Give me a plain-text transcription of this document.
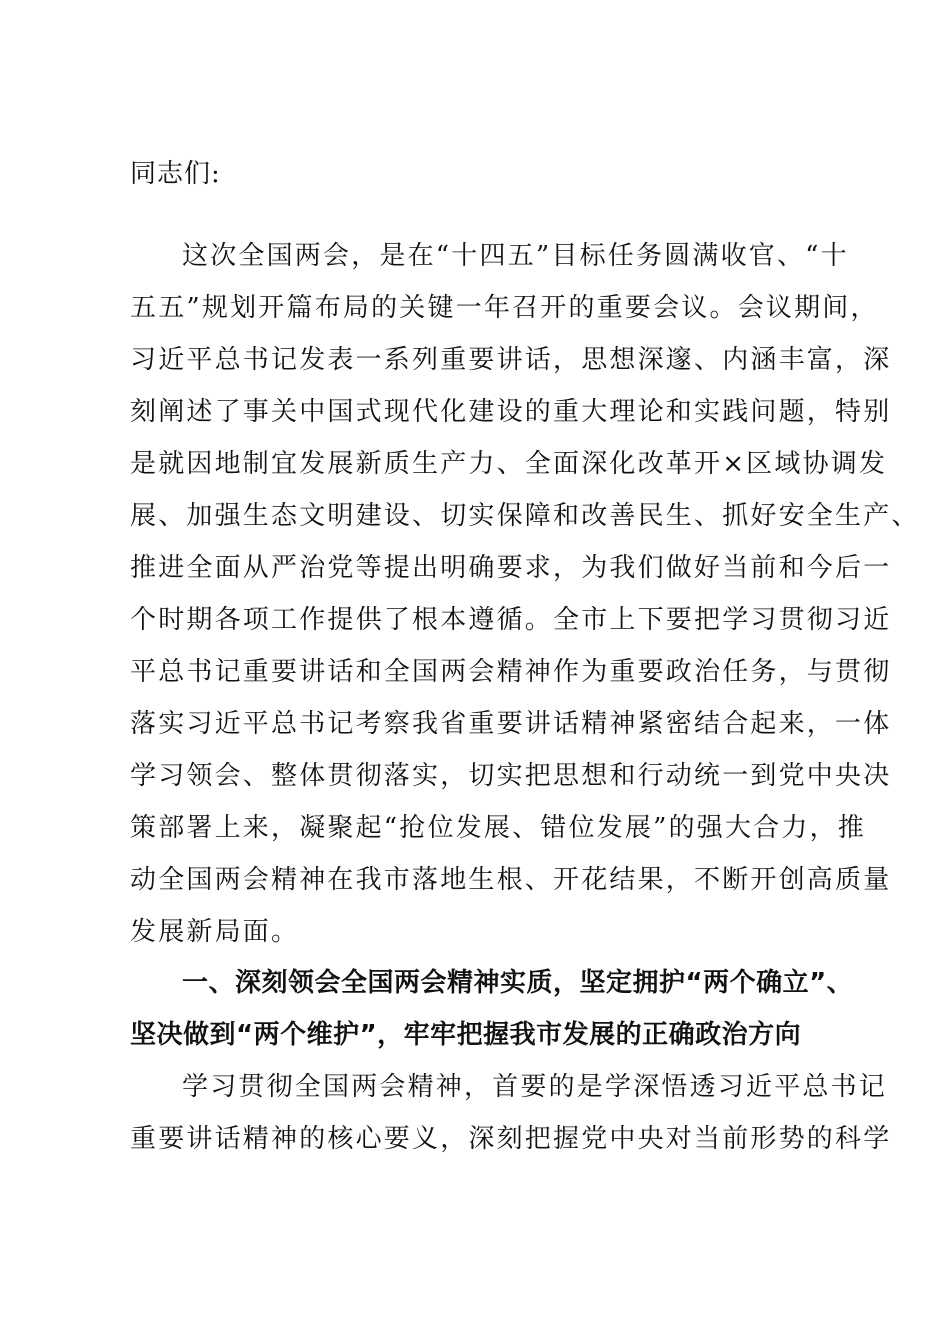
同志们:
这次全国两会，是在“十四五”目标任务圆满收官、“十
五五”规划开篇布局的关键一年召开的重要会议。会议期间，
习近平总书记发表一系列重要讲话，思想深邃、内涵丰富，深
刻阐述了事关中国式现代化建设的重大理论和实践问题，特别
是就因地制宜发展新质生产力、全面深化改革开×区域协调发
展、加强生态文明建设、切实保障和改善民生、抓好安全生产、
推进全面从严治党等提出明确要求，为我们做好当前和今后一
个时期各项工作提供了根本遵循。全市上下要把学习贯彻习近
平总书记重要讲话和全国两会精神作为重要政治任务，与贯彻
落实习近平总书记考察我省重要讲话精神紧密结合起来，一体
学习领会、整体贯彻落实，切实把思想和行动统一到党中央决
策部署上来，凝聚起“抢位发展、错位发展”的强大合力，推
动全国两会精神在我市落地生根、开花结果，不断开创高质量
发展新局面。
一、深刻领会全国两会精神实质，坚定拥护“两个确立”、
坚决做到“两个维护”，牢牢把握我市发展的正确政治方向
学习贯彻全国两会精神，首要的是学深悟透习近平总书记
重要讲话精神的核心要义，深刻把握党中央对当前形势的科学
